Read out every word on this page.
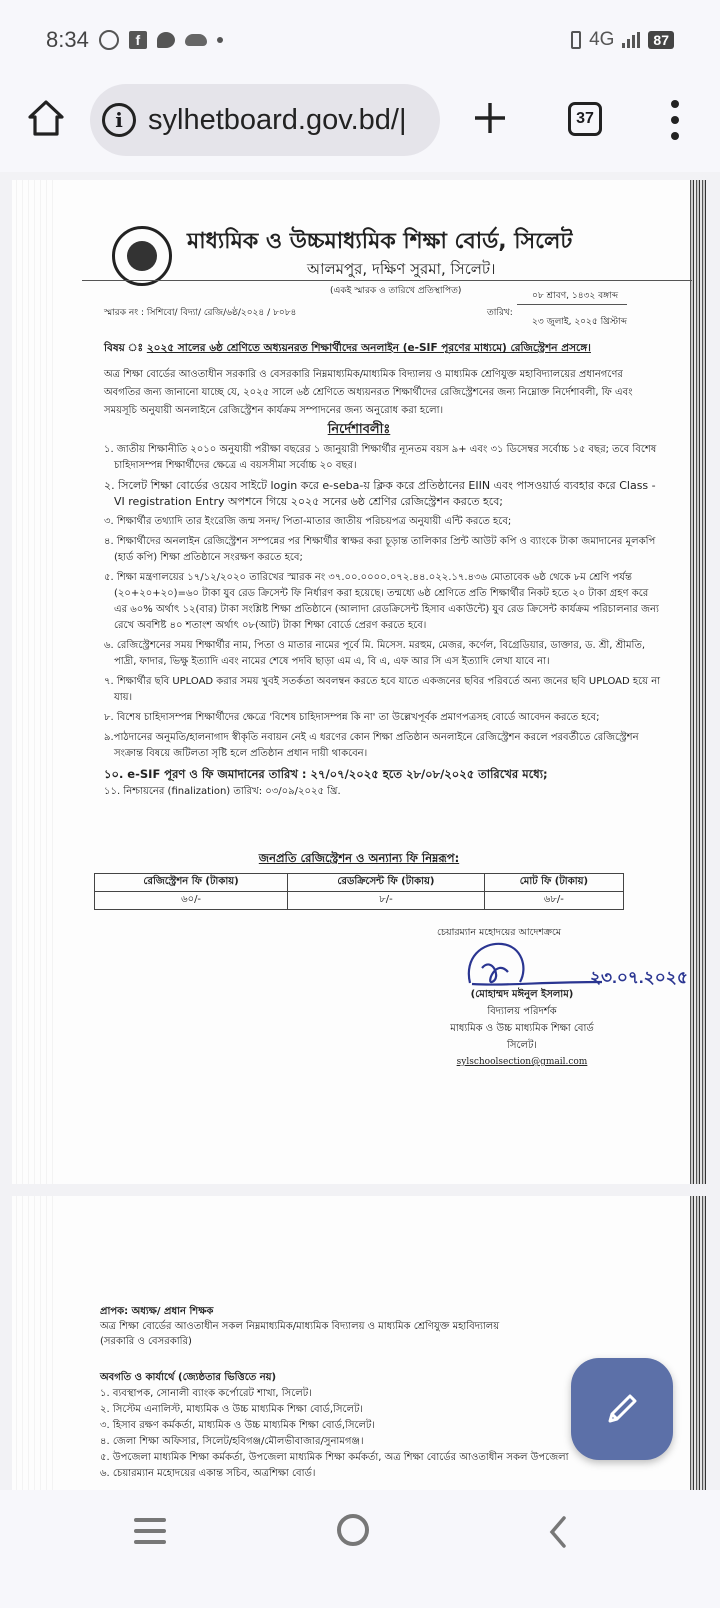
8:34	f	4G	87
i sylhetboard.gov.bd/|	37
মাধ্যমিক ও উচ্চমাধ্যমিক শিক্ষা বোর্ড, সিলেট
আলমপুর, দক্ষিণ সুরমা, সিলেট।
(একই স্মারক ও তারিখে প্রতিস্থাপিত)
স্মারক নং : সিশিবো/ বিদ্যা/ রেজি/৬ষ্ঠ/২০২৪ / ৮০৮৪	তারিখ:
০৮ শ্রাবণ, ১৪৩২ বঙ্গাব্দ
২৩ জুলাই, ২০২৫ খ্রিস্টাব্দ
বিষয় ঃ ২০২৫ সালের ৬ষ্ঠ শ্রেণিতে অধ্যয়নরত শিক্ষার্থীদের অনলাইন (e-SIF পূরণের মাধ্যমে) রেজিস্ট্রেশন প্রসঙ্গে।
অত্র শিক্ষা বোর্ডের আওতাধীন সরকারি ও বেসরকারি নিম্নমাধ্যমিক/মাধ্যমিক বিদ্যালয় ও মাধ্যমিক শ্রেণিযুক্ত মহাবিদ্যালয়ের প্রধানগণের অবগতির জন্য জানানো যাচ্ছে যে, ২০২৫ সালে ৬ষ্ঠ শ্রেণিতে অধ্যয়নরত শিক্ষার্থীদের রেজিস্ট্রেশনের জন্য নিম্নোক্ত নির্দেশাবলী, ফি এবং সময়সূচি অনুযায়ী অনলাইনে রেজিস্ট্রেশন কার্যক্রম সম্পাদনের জন্য অনুরোধ করা হলো।
নির্দেশাবলীঃ
১. জাতীয় শিক্ষানীতি ২০১০ অনুযায়ী পরীক্ষা বছরের ১ জানুয়ারী শিক্ষার্থীর ন্যূনতম বয়স ৯+ এবং ৩১ ডিসেম্বর সর্বোচ্চ ১৫ বছর; তবে বিশেষ চাহিদাসম্পন্ন শিক্ষার্থীদের ক্ষেত্রে এ বয়সসীমা সর্বোচ্চ ২০ বছর।
২. সিলেট শিক্ষা বোর্ডের ওয়েব সাইটে login করে e-seba-য় ক্লিক করে প্রতিষ্ঠানের EIIN এবং পাসওয়ার্ড ব্যবহার করে Class -VI registration Entry অপশনে গিয়ে ২০২৫ সনের ৬ষ্ঠ শ্রেণির রেজিস্ট্রেশন করতে হবে;
৩. শিক্ষার্থীর তথ্যাদি তার ইংরেজি জন্ম সনদ/ পিতা-মাতার জাতীয় পরিচয়পত্র অনুযায়ী এন্টি করতে হবে;
৪. শিক্ষার্থীদের অনলাইন রেজিস্ট্রেশন সম্পন্নের পর শিক্ষার্থীর স্বাক্ষর করা চূড়ান্ত তালিকার প্রিন্ট আউট কপি ও ব্যাংকে টাকা জমাদানের মূলকপি (হার্ড কপি) শিক্ষা প্রতিষ্ঠানে সংরক্ষণ করতে হবে;
৫. শিক্ষা মন্ত্রণালয়ের ১৭/১২/২০২০ তারিখের স্মারক নং ৩৭.০০.০০০০.০৭২.৪৪.০২২.১৭.৪৩৬ মোতাবেক ৬ষ্ঠ থেকে ৮ম শ্রেণি পর্যন্ত (২০+২০+২০)=৬০ টাকা যুব রেড ক্রিসেন্ট ফি নির্ধারণ করা হয়েছে। তন্মধ্যে ৬ষ্ঠ শ্রেণিতে প্রতি শিক্ষার্থীর নিকট হতে ২০ টাকা গ্রহণ করে এর ৬০% অর্থাৎ ১২(বার) টাকা সংশ্লিষ্ট শিক্ষা প্রতিষ্ঠানে (আলাদা রেডক্রিসেন্ট হিসাব একাউন্টে) যুব রেড ক্রিসেন্ট কার্যক্রম পরিচালনার জন্য রেখে অবশিষ্ট ৪০ শতাংশ অর্থাৎ ০৮(আট) টাকা শিক্ষা বোর্ডে প্রেরণ করতে হবে।
৬. রেজিস্ট্রেশনের সময় শিক্ষার্থীর নাম, পিতা ও মাতার নামের পূর্বে মি. মিসেস. মরহুম, মেজর, কর্ণেল, বিগ্রেডিয়ার, ডাক্তার, ড. শ্রী, শ্রীমতি, পাদ্রী, ফাদার, ভিক্ষু ইত্যাদি এবং নামের শেষে পদবি ছাড়া এম এ, বি এ, এফ আর সি এস ইত্যাদি লেখা যাবে না।
৭. শিক্ষার্থীর ছবি UPLOAD করার সময় খুবই সতর্কতা অবলম্বন করতে হবে যাতে একজনের ছবির পরিবর্তে অন্য জনের ছবি UPLOAD হয়ে না যায়।
৮. বিশেষ চাহিদাসম্পন্ন শিক্ষার্থীদের ক্ষেত্রে 'বিশেষ চাহিদাসম্পন্ন কি না' তা উল্লেখপূর্বক প্রমাণপত্রসহ বোর্ডে আবেদন করতে হবে;
৯.পাঠদানের অনুমতি/হালনাগাদ স্বীকৃতি নবায়ন নেই এ ধরণের কোন শিক্ষা প্রতিষ্ঠান অনলাইনে রেজিস্ট্রেশন করলে পরবর্তীতে রেজিস্ট্রেশন সংক্রান্ত বিষয়ে জটিলতা সৃষ্টি হলে প্রতিষ্ঠান প্রধান দায়ী থাকবেন।
১০. e-SIF পূরণ ও ফি জমাদানের তারিখ : ২৭/০৭/২০২৫ হতে ২৮/০৮/২০২৫ তারিখের মধ্যে;
১১. নিশ্চায়নের (finalization) তারিখ: ০৩/০৯/২০২৫ খ্রি.
জনপ্রতি রেজিস্ট্রেশন ও অন্যান্য ফি নিম্নরূপ:
রেজিস্ট্রেশন ফি (টাকায়)	রেডক্রিসেন্ট ফি (টাকায়)	মোট ফি (টাকায়)
৬০/-	৮/-	৬৮/-
চেয়ারম্যান মহোদয়ের আদেশক্রমে
২৩.০৭.২০২৫
(মোহাম্মদ মঈনুল ইসলাম)
বিদ্যালয় পরিদর্শক
মাধ্যমিক ও উচ্চ মাধ্যমিক শিক্ষা বোর্ড
সিলেট।
sylschoolsection@gmail.com
প্রাপক: অধ্যক্ষ/ প্রধান শিক্ষক
অত্র শিক্ষা বোর্ডের আওতাধীন সকল নিম্নমাধ্যমিক/মাধ্যমিক বিদ্যালয় ও মাধ্যমিক শ্রেণিযুক্ত মহাবিদ্যালয়
(সরকারি ও বেসরকারি)
অবগতি ও কার্যার্থে (জ্যেষ্ঠতার ভিত্তিতে নয়)
১. ব্যবস্থাপক, সোনালী ব্যাংক কর্পোরেট শাখা, সিলেট।
২. সিস্টেম এনালিস্ট, মাধ্যমিক ও উচ্চ মাধ্যমিক শিক্ষা বোর্ড,সিলেট।
৩. হিসাব রক্ষণ কর্মকর্তা, মাধ্যমিক ও উচ্চ মাধ্যমিক শিক্ষা বোর্ড,সিলেট।
৪. জেলা শিক্ষা অফিসার, সিলেট/হবিগঞ্জ/মৌলভীবাজার/সুনামগঞ্জ।
৫. উপজেলা মাধ্যমিক শিক্ষা কর্মকর্তা, উপজেলা মাধ্যমিক শিক্ষা কর্মকর্তা, অত্র শিক্ষা বোর্ডের আওতাধীন সকল উপজেলা
৬. চেয়ারম্যান মহোদয়ের একান্ত সচিব, অত্রশিক্ষা বোর্ড।
